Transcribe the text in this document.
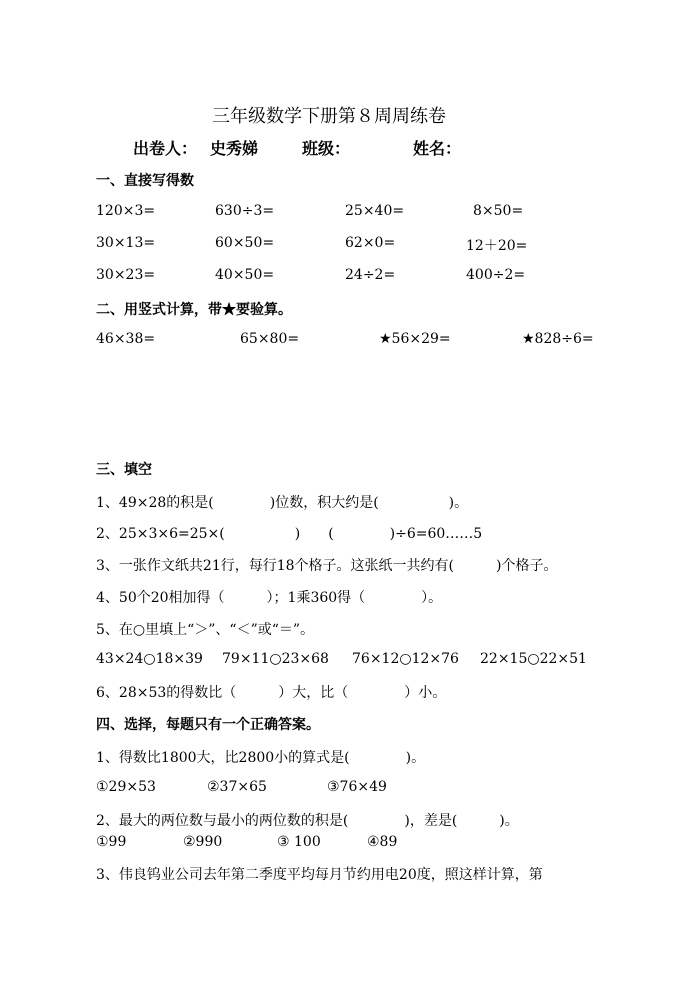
三年级数学下册第８周周练卷
出卷人： 史秀娣	班级：	姓名：
一、直接写得数
120×3=	630÷3=	25×40=	8×50=
30×13=	60×50=	62×0=	12＋20=
30×23=	40×50=	24÷2=	400÷2=
二、用竖式计算，带★要验算。
46×38=	65×80=	★56×29=	★828÷6=
三、填空
1、49×28的积是(　　　　)位数，积大约是(　　　　　)。
2、25×3×6=25×(　　　　　)　　(　　　　)÷6=60……5
3、一张作文纸共21行，每行18个格子。这张纸一共约有(　　　)个格子。
4、50个20相加得（　　　）；1乘360得（　　　　）。
5、在○里填上“＞”、“＜”或“＝”。
43×24○18×39 79×11○23×68 76×12○12×76 22×15○22×51
6、28×53的得数比（　　　）大，比（　　　　）小。
四、选择，每题只有一个正确答案。
1、得数比1800大，比2800小的算式是(　　　　)。
①29×53	②37×65	③76×49
2、最大的两位数与最小的两位数的积是(　　　　)，差是(　　　)。
①99	②990	③ 100	④89
3、伟良钨业公司去年第二季度平均每月节约用电20度，照这样计算，第
